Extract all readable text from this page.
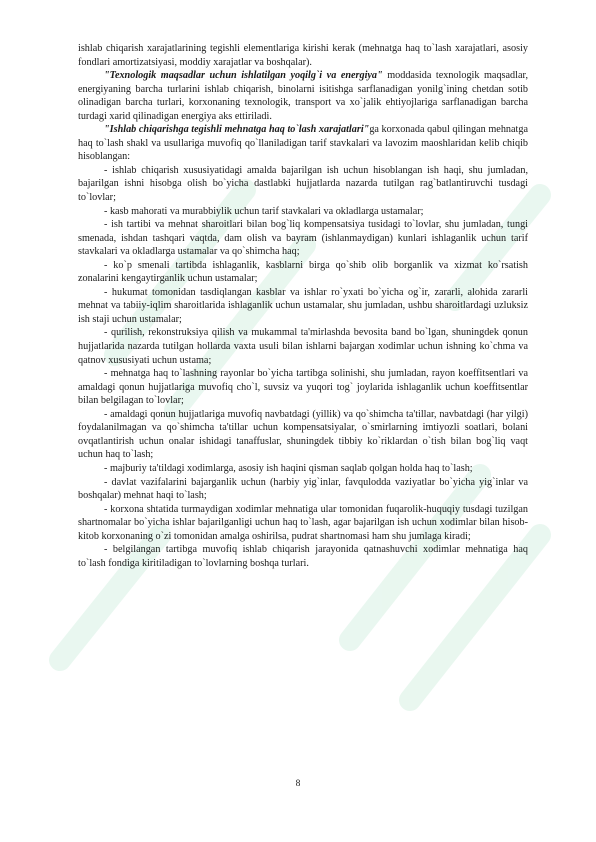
ishlab chiqarish xarajatlarining tegishli elementlariga kirishi kerak (mehnatga haq to`lash xarajatlari, asosiy fondlari amortizatsiyasi, moddiy xarajatlar va boshqalar).

"Texnologik maqsadlar uchun ishlatilgan yoqilg`i va energiya" moddasida texnologik maqsadlar, energiyaning barcha turlarini ishlab chiqarish, binolarni isitishga sarflanadigan yonilg`ining chetdan sotib olinadigan barcha turlari, korxonaning texnologik, transport va xo`jalik ehtiyojlariga sarflanadigan barcha turdagi xarid qilinadigan energiya aks ettiriladi.

"Ishlab chiqarishga tegishli mehnatga haq to`lash xarajatlari"ga korxonada qabul qilingan mehnatga haq to`lash shakl va usullariga muvofiq qo`llaniladigan tarif stavkalari va lavozim maoshlaridan kelib chiqib hisoblangan:

- ishlab chiqarish xususiyatidagi amalda bajarilgan ish uchun hisoblangan ish haqi, shu jumladan, bajarilgan ishni hisobga olish bo`yicha dastlabki hujjatlarda nazarda tutilgan rag`batlantiruvchi tusdagi to`lovlar;

- kasb mahorati va murabbiylik uchun tarif stavkalari va okladlarga ustamalar;

- ish tartibi va mehnat sharoitlari bilan bog`liq kompensatsiya tusidagi to`lovlar, shu jumladan, tungi smenada, ishdan tashqari vaqtda, dam olish va bayram (ishlanmaydigan) kunlari ishlaganlik uchun tarif stavkalari va okladlarga ustamalar va qo`shimcha haq;

- ko`p smenali tartibda ishlaganlik, kasblarni birga qo`shib olib borganlik va xizmat ko`rsatish zonalarini kengaytirganlik uchun ustamalar;

- hukumat tomonidan tasdiqlangan kasblar va ishlar ro`yxati bo`yicha og`ir, zararli, alohida zararli mehnat va tabiiy-iqlim sharoitlarida ishlaganlik uchun ustamalar, shu jumladan, ushbu sharoitlardagi uzluksiz ish staji uchun ustamalar;

- qurilish, rekonstruksiya qilish va mukammal ta'mirlashda bevosita band bo`lgan, shuningdek qonun hujjatlarida nazarda tutilgan hollarda vaxta usuli bilan ishlarni bajargan xodimlar uchun ishning ko`chma va qatnov xususiyati uchun ustama;

- mehnatga haq to`lashning rayonlar bo`yicha tartibga solinishi, shu jumladan, rayon koeffitsentlari va amaldagi qonun hujjatlariga muvofiq cho`l, suvsiz va yuqori tog` joylarida ishlaganlik uchun koeffitsentlar bilan belgilagan to`lovlar;

- amaldagi qonun hujjatlariga muvofiq navbatdagi (yillik) va qo`shimcha ta'tillar, navbatdagi (har yilgi) foydalanilmagan va qo`shimcha ta'tillar uchun kompensatsiyalar, o`smirlarning imtiyozli soatlari, bolani ovqatlantirish uchun onalar ishidagi tanaffuslar, shuningdek tibbiy ko`riklardan o`tish bilan bog`liq vaqt uchun haq to`lash;

- majburiy ta'tildagi xodimlarga, asosiy ish haqini qisman saqlab qolgan holda haq to`lash;

- davlat vazifalarini bajarganlik uchun (harbiy yig`inlar, favqulodda vaziyatlar bo`yicha yig`inlar va boshqalar) mehnat haqi to`lash;

- korxona shtatida turmaydigan xodimlar mehnatiga ular tomonidan fuqarolik-huquqiy tusdagi tuzilgan shartnomalar bo`yicha ishlar bajarilganligi uchun haq to`lash, agar bajarilgan ish uchun xodimlar bilan hisob-kitob korxonaning o`zi tomonidan amalga oshirilsa, pudrat shartnomasi ham shu jumlaga kiradi;

- belgilangan tartibga muvofiq ishlab chiqarish jarayonida qatnashuvchi xodimlar mehnatiga haq to`lash fondiga kiritiladigan to`lovlarning boshqa turlari.

8
